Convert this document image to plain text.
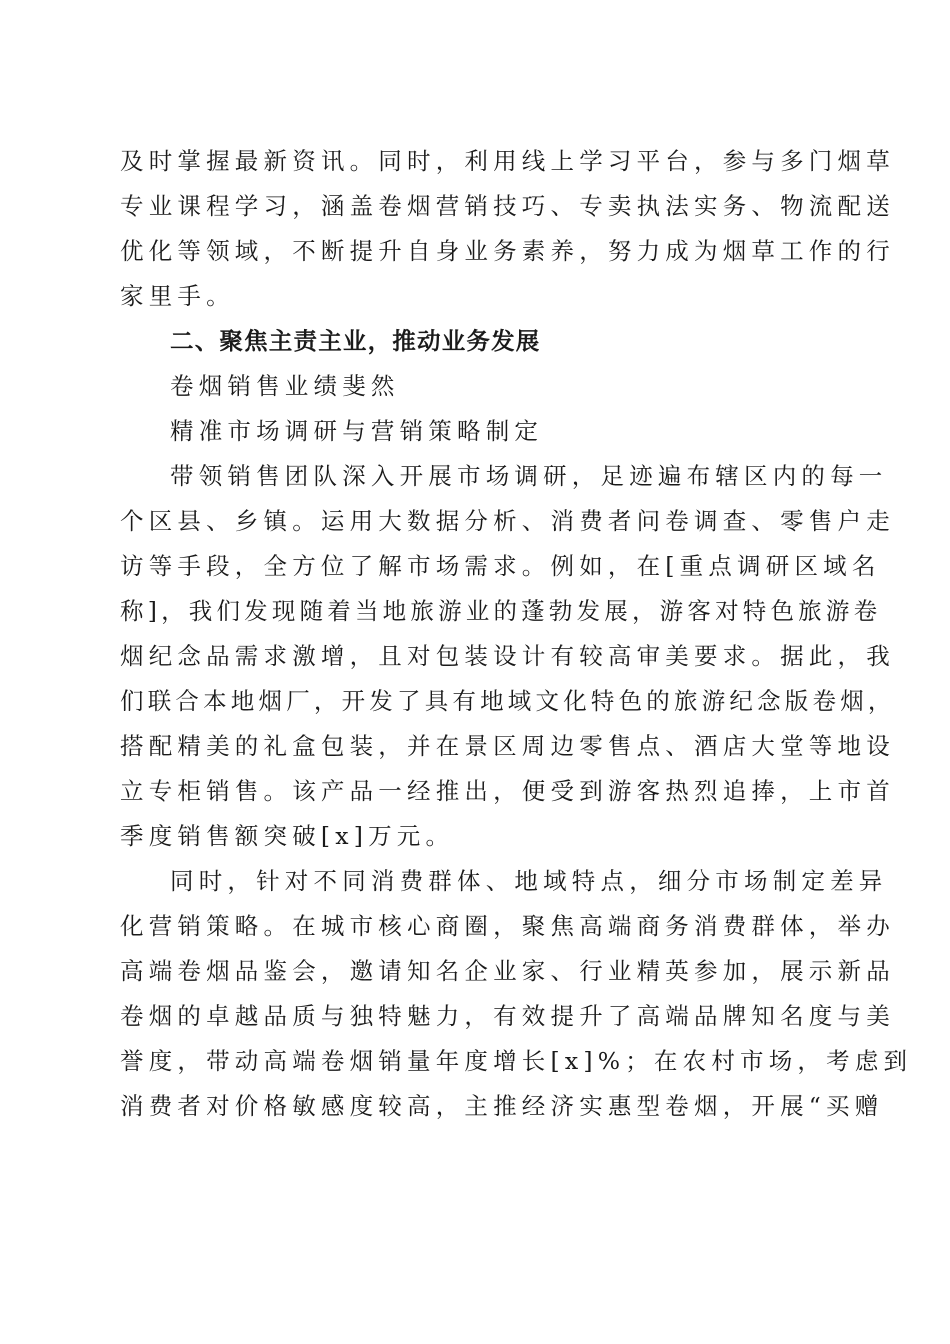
及时掌握最新资讯。同时，利用线上学习平台，参与多门烟草
专业课程学习，涵盖卷烟营销技巧、专卖执法实务、物流配送
优化等领域，不断提升自身业务素养，努力成为烟草工作的行
家里手。
二、聚焦主责主业，推动业务发展
卷烟销售业绩斐然
精准市场调研与营销策略制定
带领销售团队深入开展市场调研，足迹遍布辖区内的每一
个区县、乡镇。运用大数据分析、消费者问卷调查、零售户走
访等手段，全方位了解市场需求。例如，在[重点调研区域名
称]，我们发现随着当地旅游业的蓬勃发展，游客对特色旅游卷
烟纪念品需求激增，且对包装设计有较高审美要求。据此，我
们联合本地烟厂，开发了具有地域文化特色的旅游纪念版卷烟，
搭配精美的礼盒包装，并在景区周边零售点、酒店大堂等地设
立专柜销售。该产品一经推出，便受到游客热烈追捧，上市首
季度销售额突破[x]万元。
同时，针对不同消费群体、地域特点，细分市场制定差异
化营销策略。在城市核心商圈，聚焦高端商务消费群体，举办
高端卷烟品鉴会，邀请知名企业家、行业精英参加，展示新品
卷烟的卓越品质与独特魅力，有效提升了高端品牌知名度与美
誉度，带动高端卷烟销量年度增长[x]%；在农村市场，考虑到
消费者对价格敏感度较高，主推经济实惠型卷烟，开展“买赠
